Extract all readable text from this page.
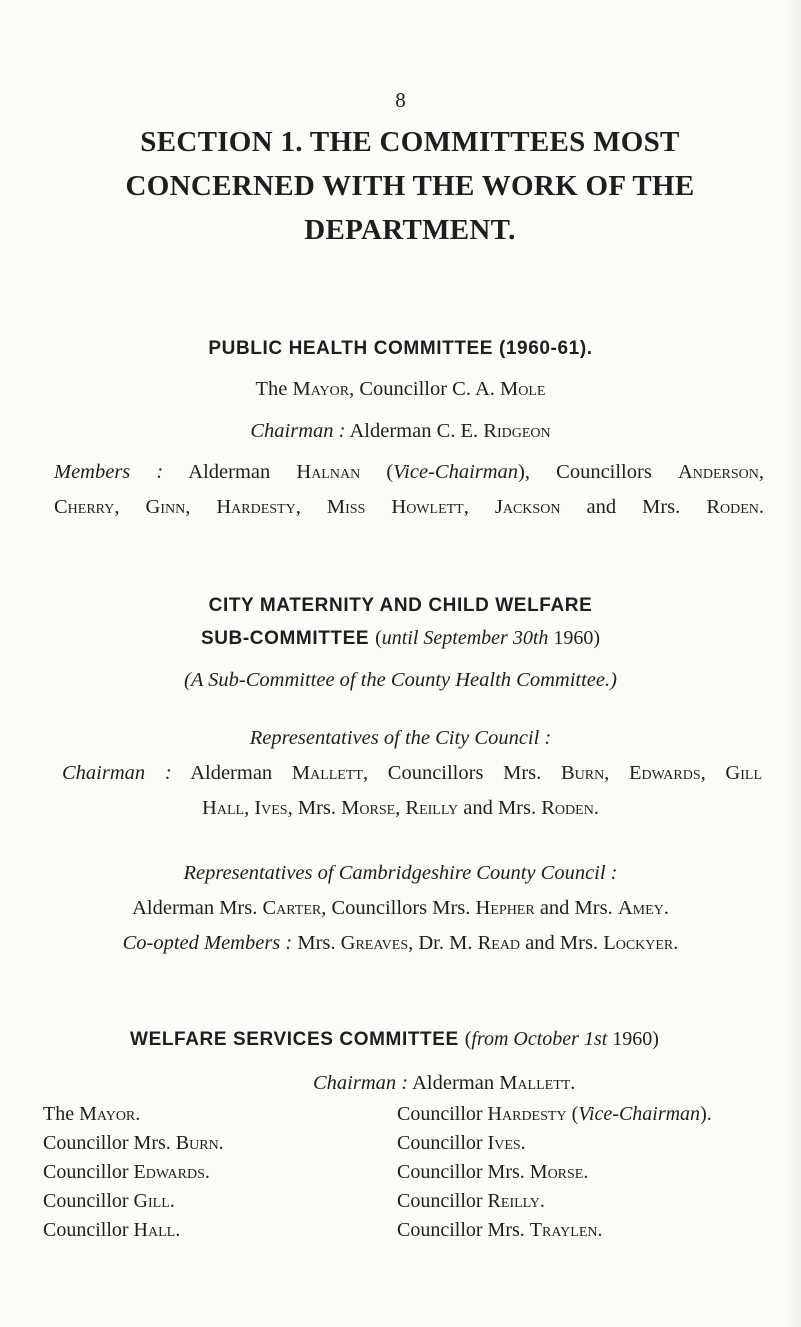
8
SECTION 1. THE COMMITTEES MOST CONCERNED WITH THE WORK OF THE DEPARTMENT.
PUBLIC HEALTH COMMITTEE (1960-61).
The Mayor, Councillor C. A. Mole
Chairman : Alderman C. E. Ridgeon
Members : Alderman Halnan (Vice-Chairman), Councillors Anderson,
Cherry, Ginn, Hardesty, Miss Howlett, Jackson and Mrs. Roden.
CITY MATERNITY AND CHILD WELFARE
SUB-COMMITTEE (until September 30th 1960)
(A Sub-Committee of the County Health Committee.)
Representatives of the City Council :
Chairman : Alderman Mallett, Councillors Mrs. Burn, Edwards, Gill
Hall, Ives, Mrs. Morse, Reilly and Mrs. Roden.
Representatives of Cambridgeshire County Council :
Alderman Mrs. Carter, Councillors Mrs. Hepher and Mrs. Amey.
Co-opted Members : Mrs. Greaves, Dr. M. Read and Mrs. Lockyer.
WELFARE SERVICES COMMITTEE (from October 1st 1960)
Chairman : Alderman Mallett.
The Mayor.
Councillor Mrs. Burn.
Councillor Edwards.
Councillor Gill.
Councillor Hall.
Councillor Hardesty (Vice-Chairman).
Councillor Ives.
Councillor Mrs. Morse.
Councillor Reilly.
Councillor Mrs. Traylen.
